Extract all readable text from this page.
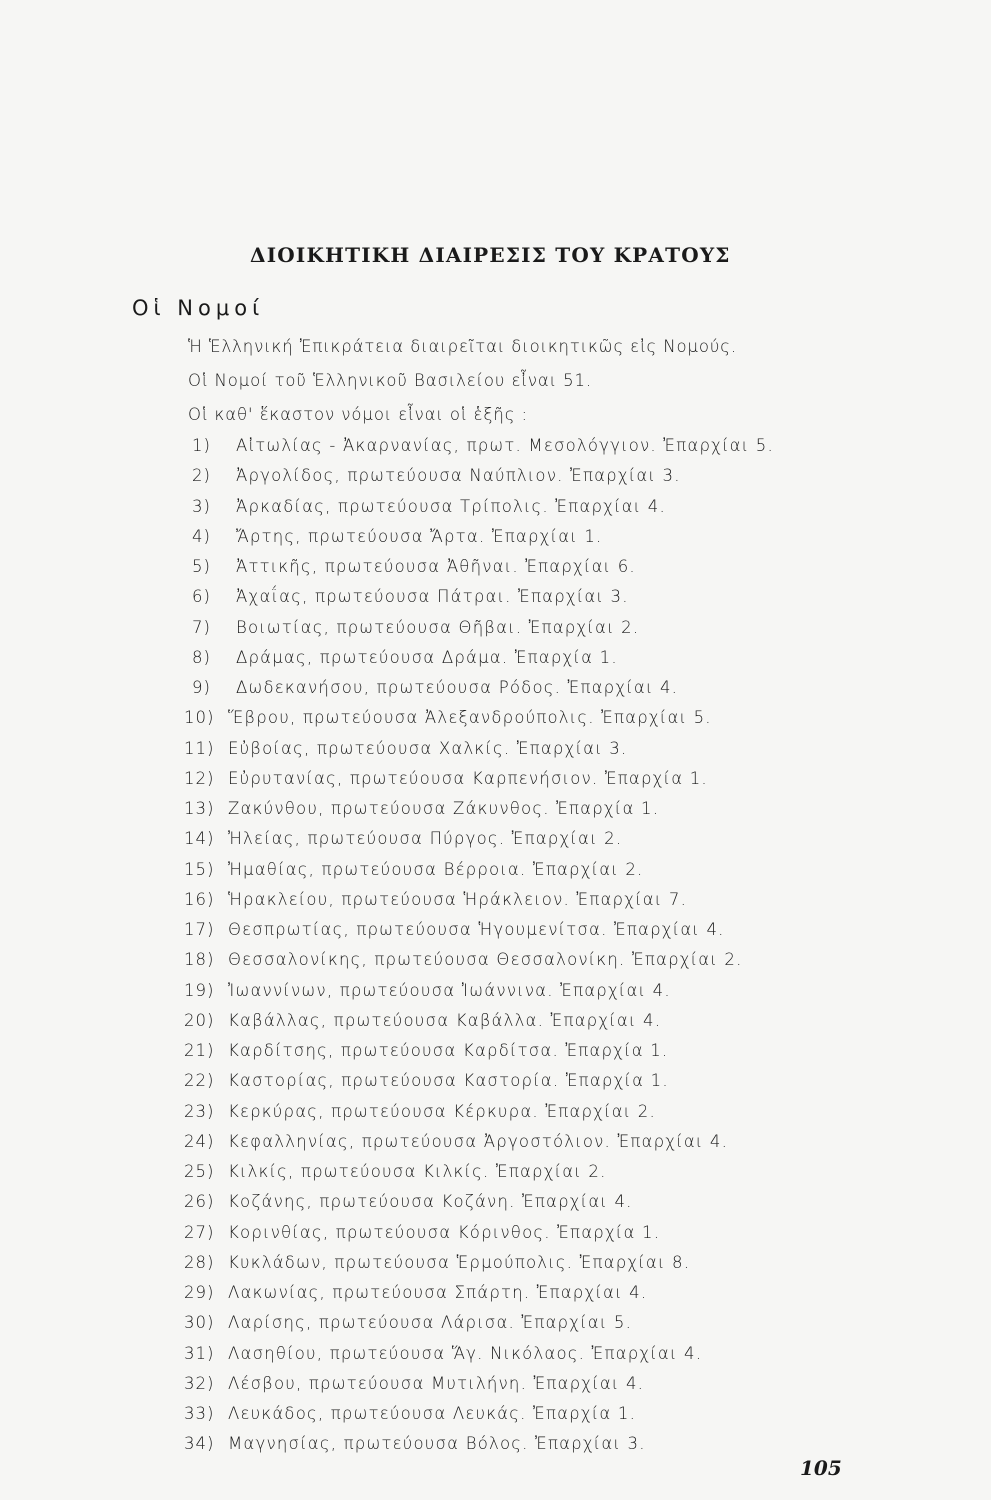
ΔΙΟΙΚΗΤΙΚΗ ΔΙΑΙΡΕΣΙΣ ΤΟΥ ΚΡΑΤΟΥΣ
Οἱ Νομοί
Ἡ Ἑλληνική Ἐπικράτεια διαιρεῖται διοικητικῶς εἰς Νομούς.
Οἱ Νομοί τοῦ Ἑλληνικοῦ Βασιλείου εἶναι 51.
Οἱ καθ' ἕκαστον νόμοι εἶναι οἱ ἑξῆς :
1) Αἰτωλίας - Ἀκαρνανίας, πρωτ. Μεσολόγγιον. Ἐπαρχίαι 5.
2) Ἀργολίδος, πρωτεύουσα Ναύπλιον. Ἐπαρχίαι 3.
3) Ἀρκαδίας, πρωτεύουσα Τρίπολις. Ἐπαρχίαι 4.
4) Ἄρτης, πρωτεύουσα Ἄρτα. Ἐπαρχίαι 1.
5) Ἀττικῆς, πρωτεύουσα Ἀθῆναι. Ἐπαρχίαι 6.
6) Ἀχαΐας, πρωτεύουσα Πάτραι. Ἐπαρχίαι 3.
7) Βοιωτίας, πρωτεύουσα Θῆβαι. Ἐπαρχίαι 2.
8) Δράμας, πρωτεύουσα Δράμα. Ἐπαρχία 1.
9) Δωδεκανήσου, πρωτεύουσα Ρόδος. Ἐπαρχίαι 4.
10) Ἕβρου, πρωτεύουσα Ἀλεξανδρούπολις. Ἐπαρχίαι 5.
11) Εὐβοίας, πρωτεύουσα Χαλκίς. Ἐπαρχίαι 3.
12) Εὐρυτανίας, πρωτεύουσα Καρπενήσιον. Ἐπαρχία 1.
13) Ζακύνθου, πρωτεύουσα Ζάκυνθος. Ἐπαρχία 1.
14) Ἠλείας, πρωτεύουσα Πύργος. Ἐπαρχίαι 2.
15) Ἠμαθίας, πρωτεύουσα Βέρροια. Ἐπαρχίαι 2.
16) Ἡρακλείου, πρωτεύουσα Ἡράκλειον. Ἐπαρχίαι 7.
17) Θεσπρωτίας, πρωτεύουσα Ἡγουμενίτσα. Ἐπαρχίαι 4.
18) Θεσσαλονίκης, πρωτεύουσα Θεσσαλονίκη. Ἐπαρχίαι 2.
19) Ἰωαννίνων, πρωτεύουσα Ἰωάννινα. Ἐπαρχίαι 4.
20) Καβάλλας, πρωτεύουσα Καβάλλα. Ἐπαρχίαι 4.
21) Καρδίτσης, πρωτεύουσα Καρδίτσα. Ἐπαρχία 1.
22) Καστορίας, πρωτεύουσα Καστορία. Ἐπαρχία 1.
23) Κερκύρας, πρωτεύουσα Κέρκυρα. Ἐπαρχίαι 2.
24) Κεφαλληνίας, πρωτεύουσα Ἀργοστόλιον. Ἐπαρχίαι 4.
25) Κιλκίς, πρωτεύουσα Κιλκίς. Ἐπαρχίαι 2.
26) Κοζάνης, πρωτεύουσα Κοζάνη. Ἐπαρχίαι 4.
27) Κορινθίας, πρωτεύουσα Κόρινθος. Ἐπαρχία 1.
28) Κυκλάδων, πρωτεύουσα Ἑρμούπολις. Ἐπαρχίαι 8.
29) Λακωνίας, πρωτεύουσα Σπάρτη. Ἐπαρχίαι 4.
30) Λαρίσης, πρωτεύουσα Λάρισα. Ἐπαρχίαι 5.
31) Λασηθίου, πρωτεύουσα Ἅγ. Νικόλαος. Ἐπαρχίαι 4.
32) Λέσβου, πρωτεύουσα Μυτιλήνη. Ἐπαρχίαι 4.
33) Λευκάδος, πρωτεύουσα Λευκάς. Ἐπαρχία 1.
34) Μαγνησίας, πρωτεύουσα Βόλος. Ἐπαρχίαι 3.
105
